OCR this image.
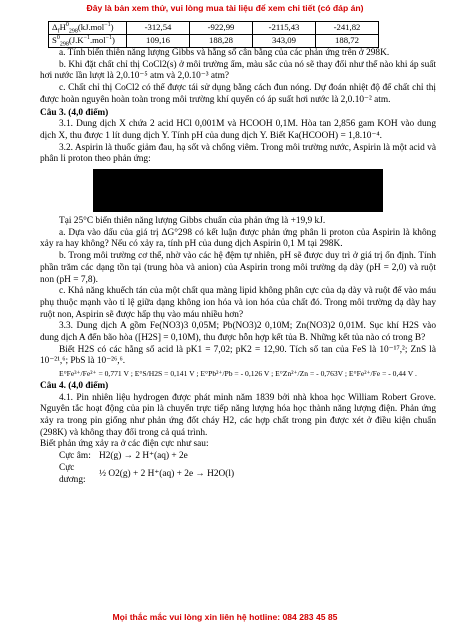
Đây là bản xem thử, vui lòng mua tài liệu để xem chi tiết (có đáp án)
$\Delta_fH^0_{298}(kJ.mol^{-1})$	-312,54	-922,99	-2115,43	-241,82
$S^0_{298}(J.K^{-1}.mol^{-1})$	109,16	188,28	343,09	188,72

a. Tính biến thiên năng lượng Gibbs và hằng số cân bằng của các phản ứng trên ở 298K.

b. Khi đặt chất chỉ thị CoCl2(s) ở môi trường ẩm, màu sắc của nó sẽ thay đổi như thế nào khi áp suất hơi nước lần lượt là 2,0.10⁻⁵ atm và 2,0.10⁻³ atm?

c. Chất chỉ thị CoCl2 có thể được tái sử dụng bằng cách đun nóng. Dự đoán nhiệt độ để chất chỉ thị được hoàn nguyên hoàn toàn trong môi trường khí quyển có áp suất hơi nước là 2,0.10⁻² atm.

Câu 3. (4,0 điểm)

3.1. Dung dịch X chứa 2 acid HCl 0,001M và HCOOH 0,1M. Hòa tan 2,856 gam KOH vào dung dịch X, thu được 1 lít dung dịch Y. Tính pH của dung dịch Y. Biết Ka(HCOOH) = 1,8.10⁻⁴.

3.2. Aspirin là thuốc giảm đau, hạ sốt và chống viêm. Trong môi trường nước, Aspirin là một acid và phân li proton theo phản ứng:

Tại 25°C biến thiên năng lượng Gibbs chuẩn của phản ứng là +19,9 kJ.

a. Dựa vào dấu của giá trị ΔG°298 có kết luận được phản ứng phân li proton của Aspirin là không xảy ra hay không? Nếu có xảy ra, tính pH của dung dịch Aspirin 0,1 M tại 298K.

b. Trong môi trường cơ thể, nhờ vào các hệ đệm tự nhiên, pH sẽ được duy trì ở giá trị ổn định. Tính phần trăm các dạng tồn tại (trung hòa và anion) của Aspirin trong môi trường dạ dày (pH = 2,0) và ruột non (pH = 7,8).

c. Khả năng khuếch tán của một chất qua màng lipid không phân cực của dạ dày và ruột để vào máu phụ thuộc mạnh vào tỉ lệ giữa dạng không ion hóa và ion hóa của chất đó. Trong môi trường dạ dày hay ruột non, Aspirin sẽ được hấp thụ vào máu nhiều hơn?

3.3. Dung dịch A gồm Fe(NO3)3 0,05M; Pb(NO3)2 0,10M; Zn(NO3)2 0,01M. Sục khí H2S vào dung dịch A đến bão hòa ([H2S] = 0,10M), thu được hỗn hợp kết tủa B. Những kết tủa nào có trong B?

Biết H2S có các hằng số acid là pK1 = 7,02; pK2 = 12,90. Tích số tan của FeS là 10⁻¹⁷,²; ZnS là 10⁻²¹,⁶; PbS là 10⁻²⁶,⁶.

E°Fe³⁺/Fe²⁺ = 0,771 V ; E°S/H2S = 0,141 V ; E°Pb²⁺/Pb = - 0,126 V ; E°Zn²⁺/Zn = - 0,763V ; E°Fe²⁺/Fe = - 0,44 V .

Câu 4. (4,0 điểm)

4.1. Pin nhiên liệu hydrogen được phát minh năm 1839 bởi nhà khoa học William Robert Grove. Nguyên tắc hoạt động của pin là chuyển trực tiếp năng lượng hóa học thành năng lượng điện. Phản ứng xảy ra trong pin giống như phản ứng đốt cháy H2, các hợp chất trong pin được xét ở điều kiện chuẩn (298K) và không thay đổi trong cả quá trình.

Biết phản ứng xảy ra ở các điện cực như sau:

Cực âm: H2(g) → 2 H⁺(aq) + 2e
Cực dương:
½ O2(g) + 2 H⁺(aq) + 2e → H2O(l)
Mọi thắc mắc vui lòng xin liên hệ hotline: 084 283 45 85
